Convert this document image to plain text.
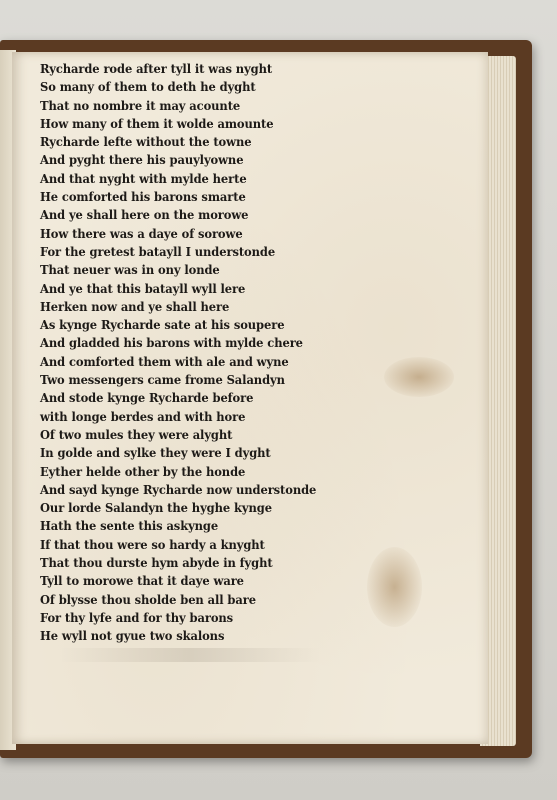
Rycharde rode after tyll it was nyght
So many of them to deth he dyght
That no nombre it may acounte
How many of them it wolde amounte
Rycharde lefte without the towne
And pyght there his pauylyowne
And that nyght with mylde herte
He comforted his barons smarte
And ye shall here on the morowe
How there was a daye of sorowe
For the gretest batayll I understonde
That neuer was in ony londe
And ye that this batayll wyll lere
Herken now and ye shall here
As kynge Rycharde sate at his soupere
And gladded his barons with mylde chere
And comforted them with ale and wyne
Two messengers came frome Salandyn
And stode kynge Rycharde before
with longe berdes and with hore
Of two mules they were alyght
In golde and sylke they were I dyght
Eyther helde other by the honde
And sayd kynge Rycharde now understonde
Our lorde Salandyn the hyghe kynge
Hath the sente this askynge
If that thou were so hardy a knyght
That thou durste hym abyde in fyght
Tyll to morowe that it daye ware
Of blysse thou sholde ben all bare
For thy lyfe and for thy barons
He wyll not gyue two skalons
